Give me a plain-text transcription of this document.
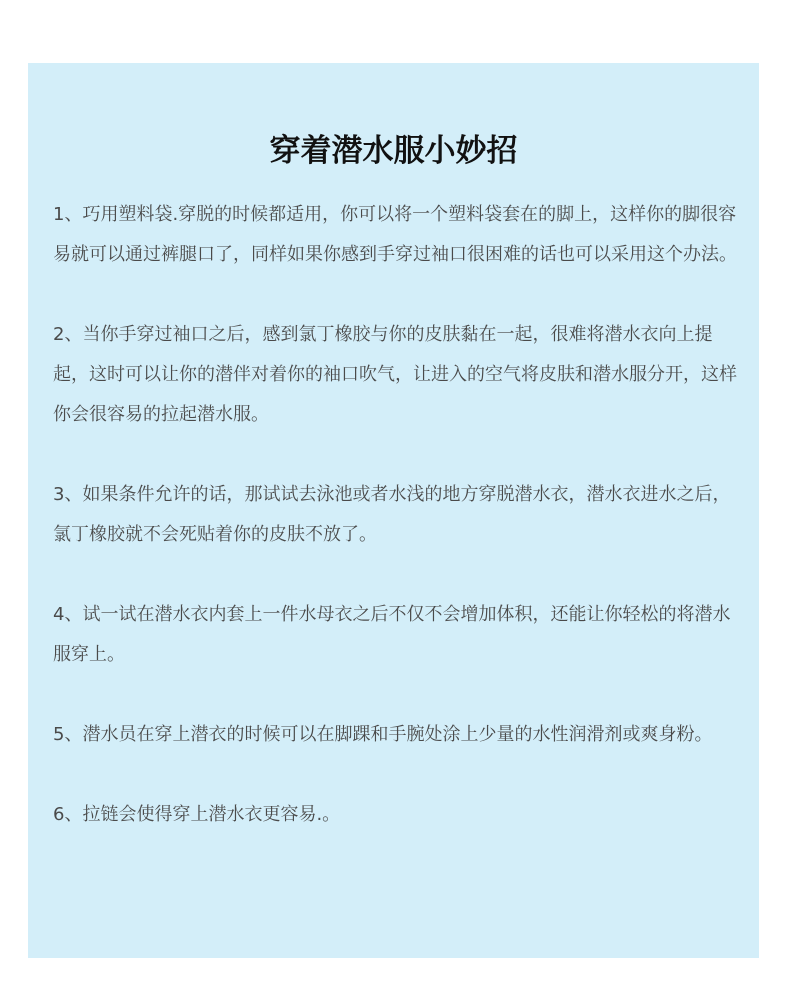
穿着潜水服小妙招
1、巧用塑料袋.穿脱的时候都适用，你可以将一个塑料袋套在的脚上，这样你的脚很容易就可以通过裤腿口了，同样如果你感到手穿过袖口很困难的话也可以采用这个办法。
2、当你手穿过袖口之后，感到氯丁橡胶与你的皮肤黏在一起，很难将潜水衣向上提起，这时可以让你的潜伴对着你的袖口吹气，让进入的空气将皮肤和潜水服分开，这样你会很容易的拉起潜水服。
3、如果条件允许的话，那试试去泳池或者水浅的地方穿脱潜水衣，潜水衣进水之后，氯丁橡胶就不会死贴着你的皮肤不放了。
4、试一试在潜水衣内套上一件水母衣之后不仅不会增加体积，还能让你轻松的将潜水服穿上。
5、潜水员在穿上潜衣的时候可以在脚踝和手腕处涂上少量的水性润滑剂或爽身粉。
6、拉链会使得穿上潜水衣更容易.。
